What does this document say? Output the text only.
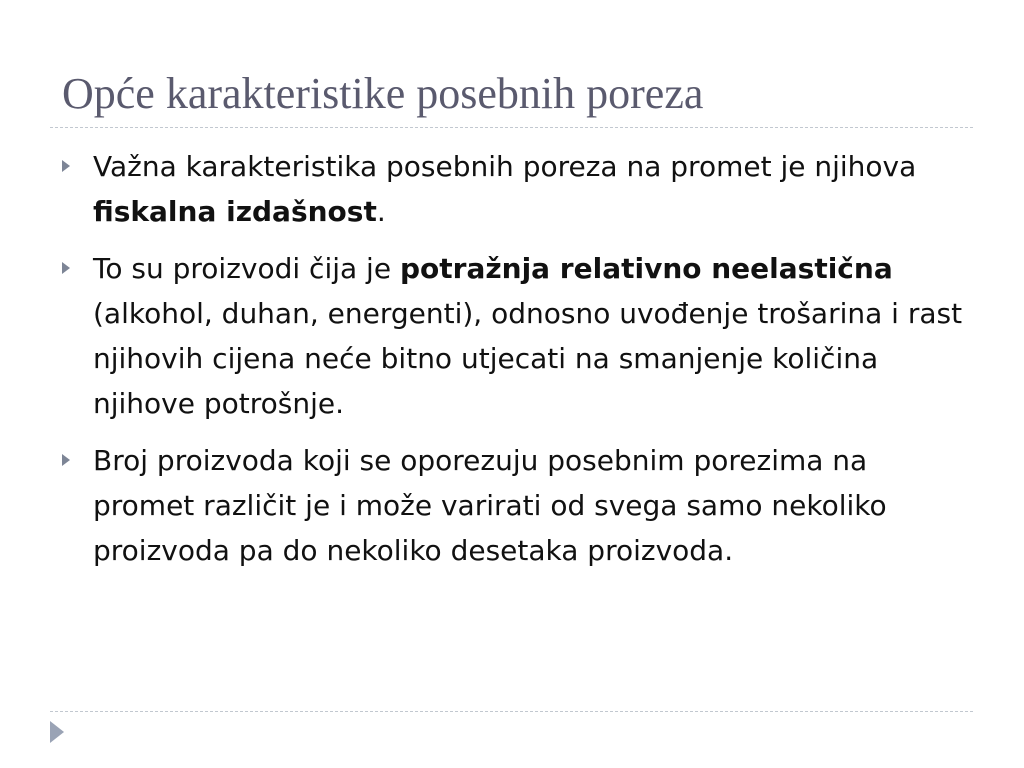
Opće karakteristike posebnih poreza
Važna karakteristika posebnih poreza na promet je njihova fiskalna izdašnost.
To su proizvodi čija je potražnja relativno neelastična (alkohol, duhan, energenti), odnosno uvođenje trošarina i rast njihovih cijena neće bitno utjecati na smanjenje količina njihove potrošnje.
Broj proizvoda koji se oporezuju posebnim porezima na promet različit je i može varirati od svega samo nekoliko proizvoda pa do nekoliko desetaka proizvoda.
